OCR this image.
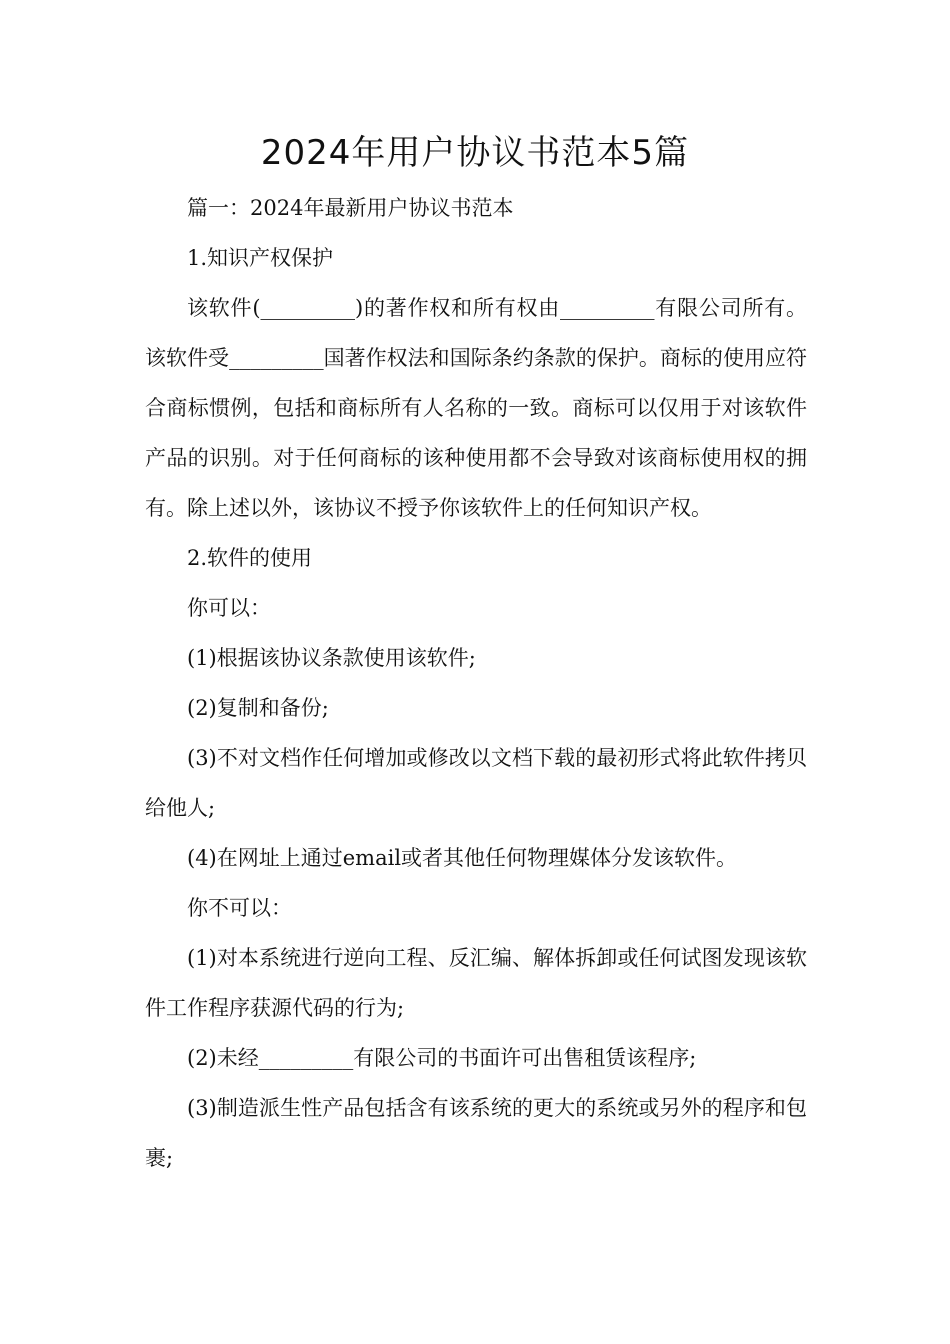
2024年用户协议书范本5篇

篇一：2024年最新用户协议书范本

1.知识产权保护

该软件(_________)的著作权和所有权由_________有限公司所有。该软件受_________国著作权法和国际条约条款的保护。商标的使用应符合商标惯例，包括和商标所有人名称的一致。商标可以仅用于对该软件产品的识别。对于任何商标的该种使用都不会导致对该商标使用权的拥有。除上述以外，该协议不授予你该软件上的任何知识产权。

2.软件的使用

你可以：

(1)根据该协议条款使用该软件;

(2)复制和备份;

(3)不对文档作任何增加或修改以文档下载的最初形式将此软件拷贝给他人;

(4)在网址上通过email或者其他任何物理媒体分发该软件。

你不可以：

(1)对本系统进行逆向工程、反汇编、解体拆卸或任何试图发现该软件工作程序获源代码的行为;

(2)未经_________有限公司的书面许可出售租赁该程序;

(3)制造派生性产品包括含有该系统的更大的系统或另外的程序和包裹;
